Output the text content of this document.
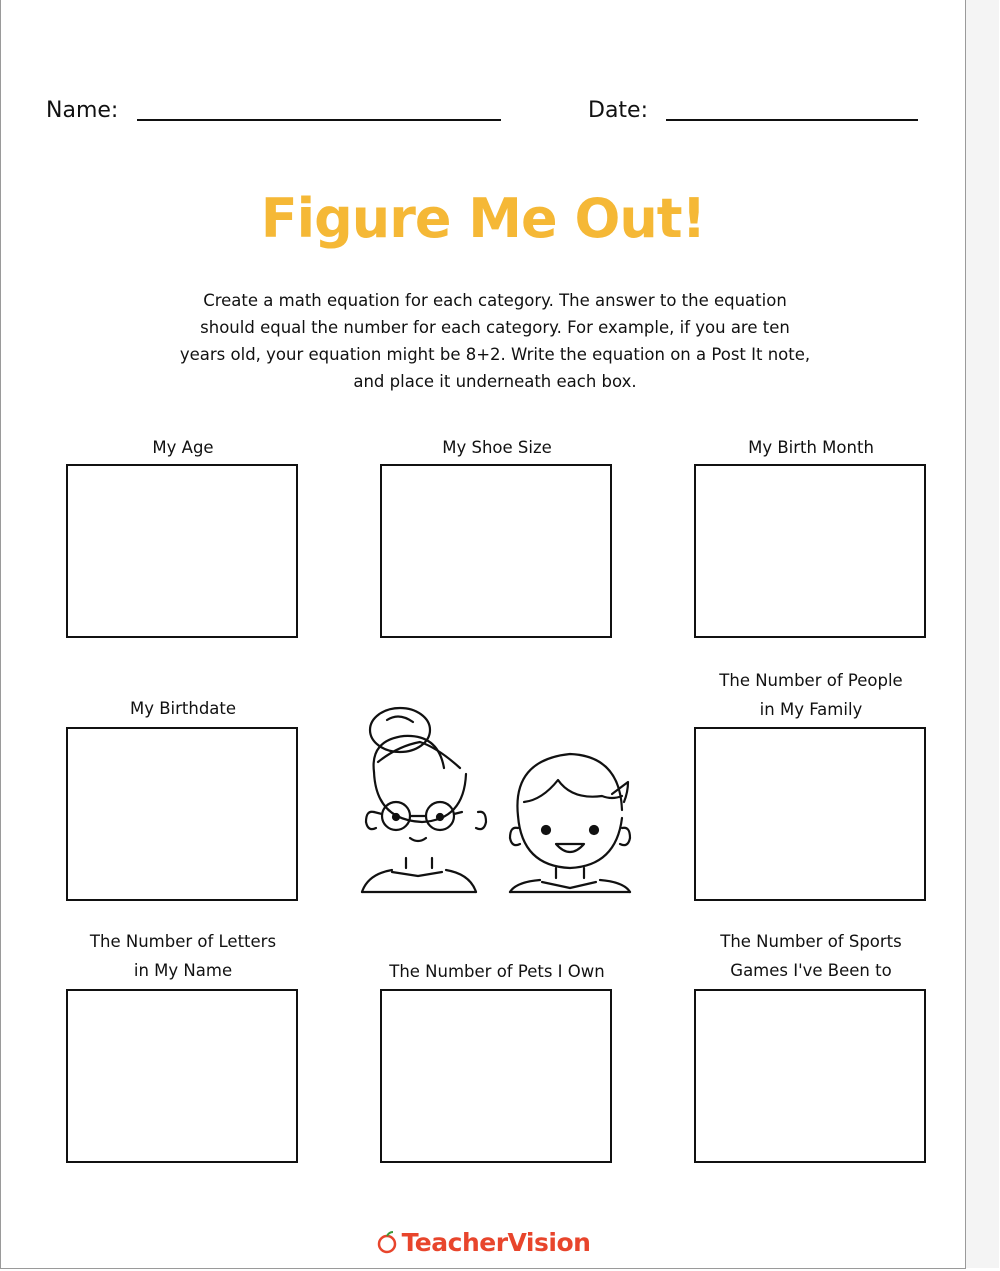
Name:	Date:
Figure Me Out!
Create a math equation for each category. The answer to the equation
should equal the number for each category. For example, if you are ten
years old, your equation might be 8+2. Write the equation on a Post It note,
and place it underneath each box.
My Age	My Shoe Size	My Birth Month
My Birthdate
The Number of People
in My Family
The Number of Letters
in My Name	The Number of Pets I Own
The Number of Sports
Games I've Been to
TeacherVision
